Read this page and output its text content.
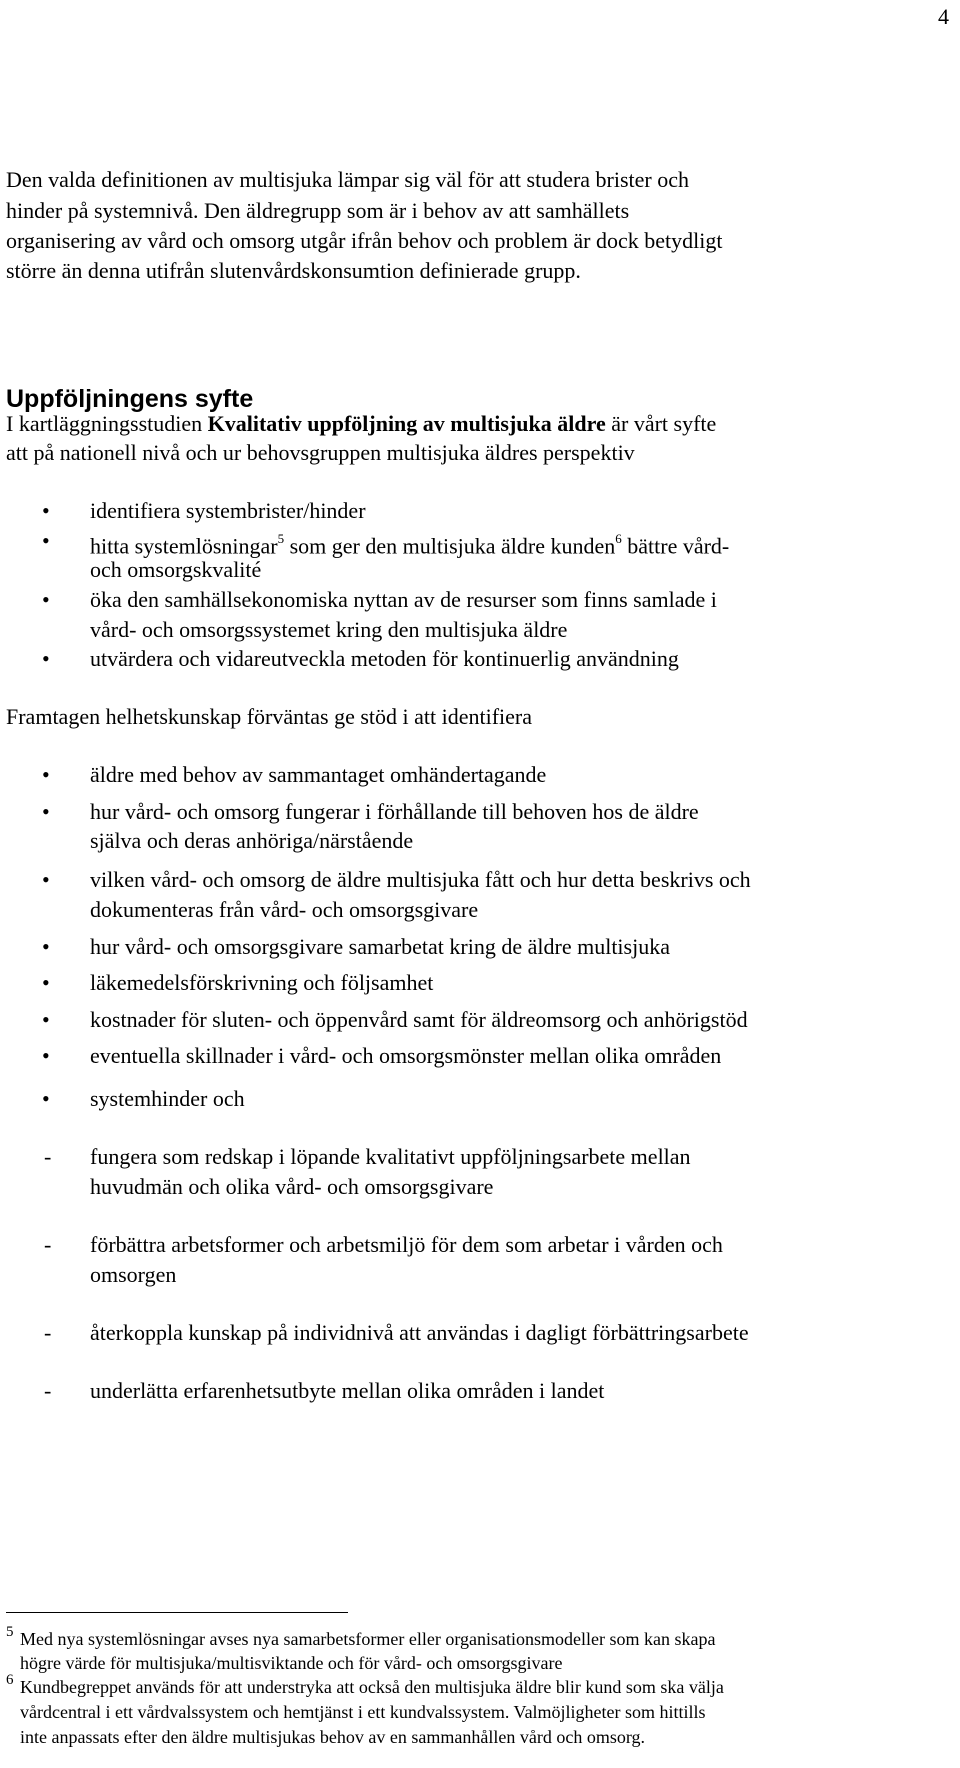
4
Den valda definitionen av multisjuka lämpar sig väl för att studera brister och
hinder på systemnivå. Den äldregrupp som är i behov av att samhällets
organisering av vård och omsorg utgår ifrån behov och problem är dock betydligt
större än denna utifrån slutenvårdskonsumtion definierade grupp.
Uppföljningens syfte
I kartläggningsstudien Kvalitativ uppföljning av multisjuka äldre är vårt syfte
att på nationell nivå och ur behovsgruppen multisjuka äldres perspektiv
• identifiera systembrister/hinder
• hitta systemlösningar$^5$ som ger den multisjuka äldre kunden$^6$ bättre vård-
och omsorgskvalité
• öka den samhällsekonomiska nyttan av de resurser som finns samlade i
vård- och omsorgssystemet kring den multisjuka äldre
• utvärdera och vidareutveckla metoden för kontinuerlig användning
Framtagen helhetskunskap förväntas ge stöd i att identifiera
• äldre med behov av sammantaget omhändertagande
• hur vård- och omsorg fungerar i förhållande till behoven hos de äldre
själva och deras anhöriga/närstående
• vilken vård- och omsorg de äldre multisjuka fått och hur detta beskrivs och
dokumenteras från vård- och omsorgsgivare
• hur vård- och omsorgsgivare samarbetat kring de äldre multisjuka
• läkemedelsförskrivning och följsamhet
• kostnader för sluten- och öppenvård samt för äldreomsorg och anhörigstöd
• eventuella skillnader i vård- och omsorgsmönster mellan olika områden
• systemhinder och
- fungera som redskap i löpande kvalitativt uppföljningsarbete mellan
huvudmän och olika vård- och omsorgsgivare
- förbättra arbetsformer och arbetsmiljö för dem som arbetar i vården och
omsorgen
- återkoppla kunskap på individnivå att användas i dagligt förbättringsarbete
- underlätta erfarenhetsutbyte mellan olika områden i landet
5 Med nya systemlösningar avses nya samarbetsformer eller organisationsmodeller som kan skapa
högre värde för multisjuka/multisviktande och för vård- och omsorgsgivare
6 Kundbegreppet används för att understryka att också den multisjuka äldre blir kund som ska välja
vårdcentral i ett vårdvalssystem och hemtjänst i ett kundvalssystem. Valmöjligheter som hittills
inte anpassats efter den äldre multisjukas behov av en sammanhållen vård och omsorg.
